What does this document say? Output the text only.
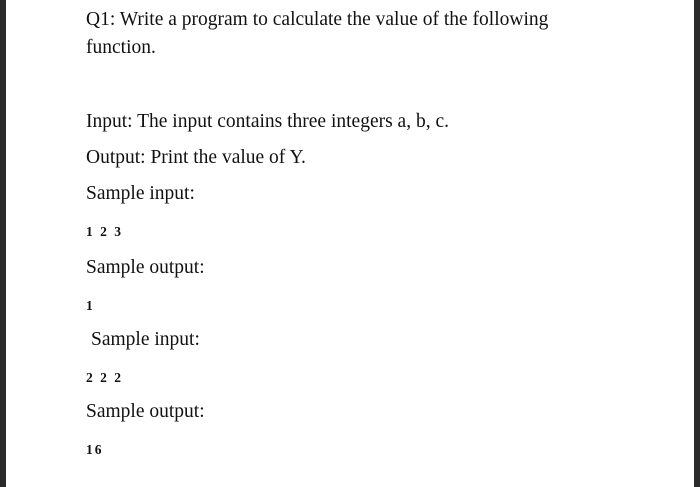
Q1: Write a program to calculate the value of the following
function.
Input: The input contains three integers a, b, c.
Output: Print the value of Y.
Sample input:
1 2 3
Sample output:
1
Sample input:
2 2 2
Sample output:
16
